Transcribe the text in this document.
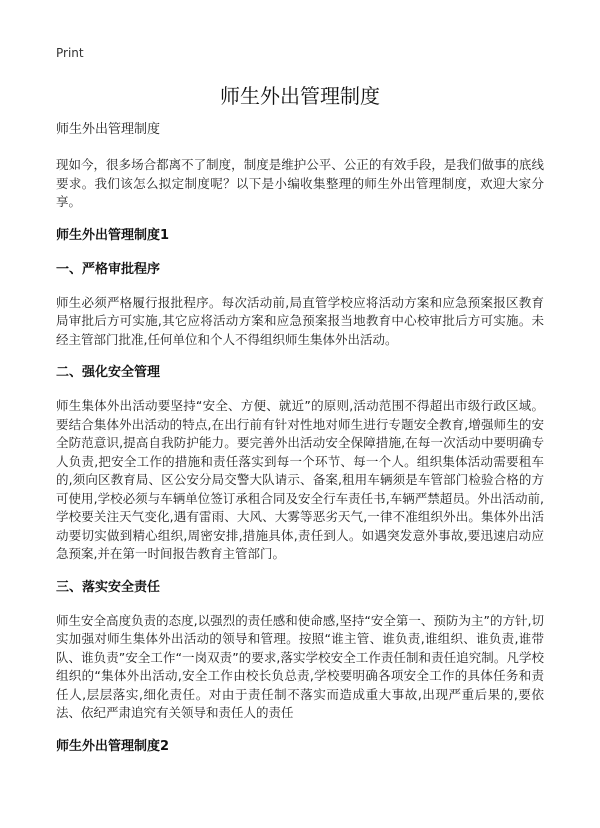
Print
师生外出管理制度
师生外出管理制度

现如今，很多场合都离不了制度，制度是维护公平、公正的有效手段，是我们做事的底线要求。我们该怎么拟定制度呢？以下是小编收集整理的师生外出管理制度，欢迎大家分享。

师生外出管理制度1
一、严格审批程序

师生必须严格履行报批程序。每次活动前,局直管学校应将活动方案和应急预案报区教育局审批后方可实施,其它应将活动方案和应急预案报当地教育中心校审批后方可实施。未经主管部门批准,任何单位和个人不得组织师生集体外出活动。

二、强化安全管理

师生集体外出活动要坚持“安全、方便、就近”的原则,活动范围不得超出市级行政区域。要结合集体外出活动的特点,在出行前有针对性地对师生进行专题安全教育,增强师生的安全防范意识,提高自我防护能力。要完善外出活动安全保障措施,在每一次活动中要明确专人负责,把安全工作的措施和责任落实到每一个环节、每一个人。组织集体活动需要租车的,须向区教育局、区公安分局交警大队请示、备案,租用车辆须是车管部门检验合格的方可使用,学校必须与车辆单位签订承租合同及安全行车责任书,车辆严禁超员。外出活动前,学校要关注天气变化,遇有雷雨、大风、大雾等恶劣天气,一律不准组织外出。集体外出活动要切实做到精心组织,周密安排,措施具体,责任到人。如遇突发意外事故,要迅速启动应急预案,并在第一时间报告教育主管部门。

三、落实安全责任

师生安全高度负责的态度,以强烈的责任感和使命感,坚持“安全第一、预防为主”的方针,切实加强对师生集体外出活动的领导和管理。按照“谁主管、谁负责,谁组织、谁负责,谁带队、谁负责”安全工作“一岗双责”的要求,落实学校安全工作责任制和责任追究制。凡学校组织的“集体外出活动,安全工作由校长负总责,学校要明确各项安全工作的具体任务和责任人,层层落实,细化责任。对由于责任制不落实而造成重大事故,出现严重后果的,要依法、依纪严肃追究有关领导和责任人的责任

师生外出管理制度2
